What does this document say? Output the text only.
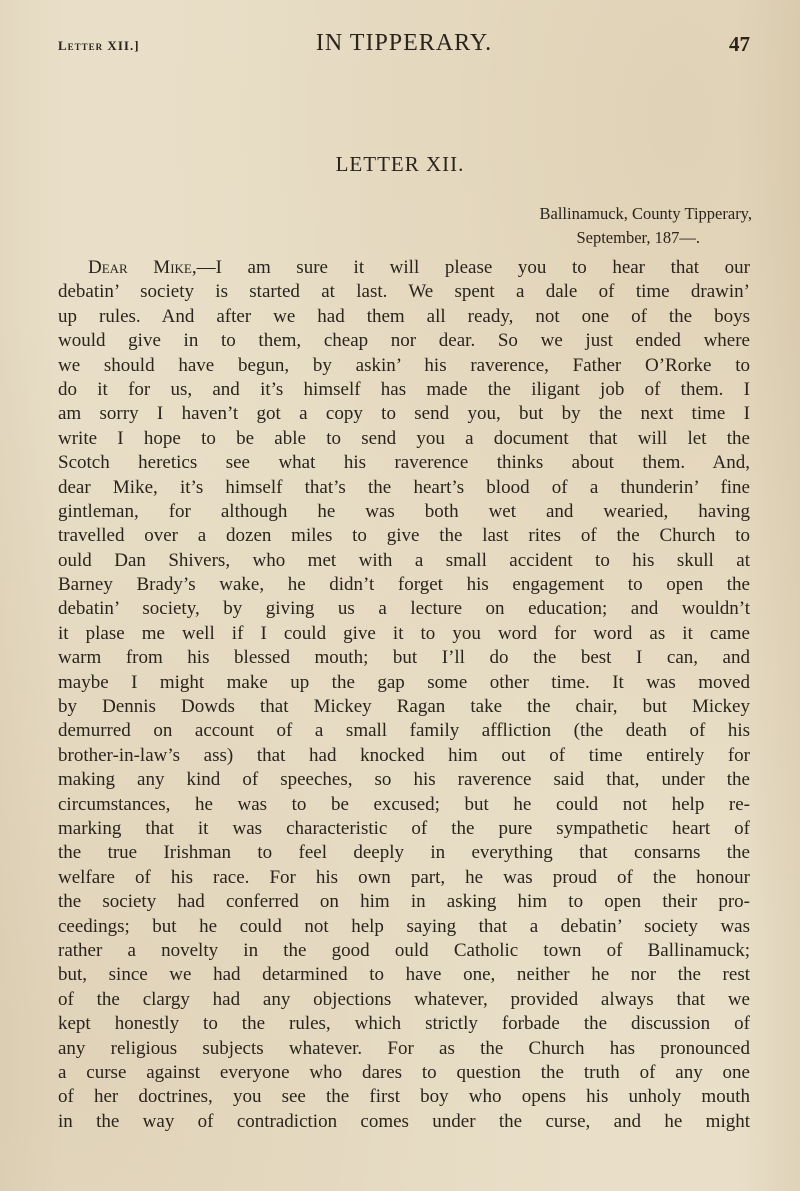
Letter XII.]	IN TIPPERARY.	47
LETTER XII.
Ballinamuck, County Tipperary,
September, 187—.
Dear Mike,—I am sure it will please you to hear that our
debatin’ society is started at last. We spent a dale of time drawin’
up rules. And after we had them all ready, not one of the boys
would give in to them, cheap nor dear. So we just ended where
we should have begun, by askin’ his raverence, Father O’Rorke to
do it for us, and it’s himself has made the iligant job of them. I
am sorry I haven’t got a copy to send you, but by the next time I
write I hope to be able to send you a document that will let the
Scotch heretics see what his raverence thinks about them. And,
dear Mike, it’s himself that’s the heart’s blood of a thunderin’ fine
gintleman, for although he was both wet and wearied, having
travelled over a dozen miles to give the last rites of the Church to
ould Dan Shivers, who met with a small accident to his skull at
Barney Brady’s wake, he didn’t forget his engagement to open the
debatin’ society, by giving us a lecture on education; and wouldn’t
it plase me well if I could give it to you word for word as it came
warm from his blessed mouth; but I’ll do the best I can, and
maybe I might make up the gap some other time. It was moved
by Dennis Dowds that Mickey Ragan take the chair, but Mickey
demurred on account of a small family affliction (the death of his
brother-in-law’s ass) that had knocked him out of time entirely for
making any kind of speeches, so his raverence said that, under the
circumstances, he was to be excused; but he could not help re-
marking that it was characteristic of the pure sympathetic heart of
the true Irishman to feel deeply in everything that consarns the
welfare of his race. For his own part, he was proud of the honour
the society had conferred on him in asking him to open their pro-
ceedings; but he could not help saying that a debatin’ society was
rather a novelty in the good ould Catholic town of Ballinamuck;
but, since we had detarmined to have one, neither he nor the rest
of the clargy had any objections whatever, provided always that we
kept honestly to the rules, which strictly forbade the discussion of
any religious subjects whatever. For as the Church has pronounced
a curse against everyone who dares to question the truth of any one
of her doctrines, you see the first boy who opens his unholy mouth
in the way of contradiction comes under the curse, and he might
